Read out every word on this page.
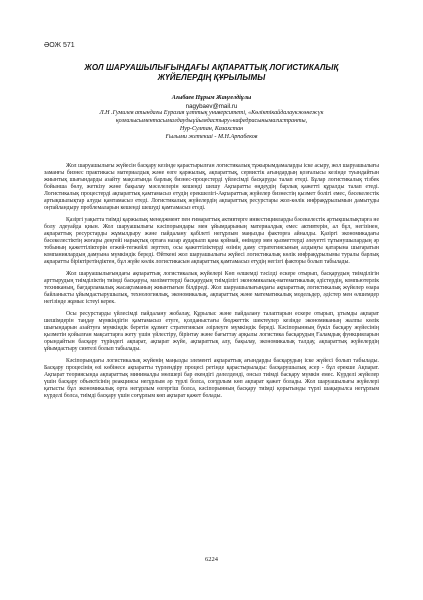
ӘОЖ 571
ЖОЛ ШАРУАШЫЛЫҒЫНДАҒЫ АҚПАРАТТЫҚ ЛОГИСТИКАЛЫҚ
ЖҮЙЕЛЕРДІҢ ҚҰРЫЛЫМЫ
Ағыбаев Нұрым Жаңгелдіұлы
nagybaev@mail.ru
Л.Н .Гумилев атындағы Еуразия ұлттық университеті, «Көліктікайдалаукжөнежүк
қозғалысыментасымалдаудыұйымдастыру»кафедрасынымагистранты,
Нур-Султан, Казахстан
Ғылыми жетекші - М.Н.Арпабеков

Жол шаруашылығы жүйесін басқару кезінде қарастырылған логистикалық тұжырымдамаларды іске асыру, жол шаруашылығы заманғы бизнес практикасы материалдық және өзге қаржылық, ақпараттық, сервистік ағындардың қозғалысы кезінде туындайтын жиынтық шығындарды азайту мақсатында барлық бизнес-процестерді үйлесімді басқаруды талап етеді. Бұлар логистикалық тізбек бойынша бөлу, жеткізу және бақылау мәселелерін кешенді шешу Ақпаратты өңдеудің барлық қажетті құралды талап етеді. Логистикалық процестерді ақпараттық қамтамасыз етудің ерекшелігі-Ақпараттық жүйелер бизнестің қызмет болігі емес, бәсекелестік артықшылықтар алуды қамтамасыз етеді. Логистикалық жүйелердің ақпараттық ресурстары жол-көлік инфрақұрылымын дамытуды оңтайландыру проблемаларын кешенді шешуді қамтамасыз етеді.

Қазіргі уақытта тиімді қаржылық менеджмент пен ғимараттық активтерге инвестицияларды бәсекелестік артықшылықтарға не болу лдеуайда қиын. Жол шаруашылығы кәсіпорындары мен ұйымдарының материалдық емес активтерін, ал бұл, негізінен, ақпараттық ресурстарды жұмылдыру және пайдалану қабілеті негұрлым маңызды факторға айналды. Қазіргі экономикадағы бәсекелестіктің жоғары деңгейі нарықтық ортаға назар аударылп қана қоймай, өнімдер мен қызметтерді әлеуетті тұтынушылардың әр тобының қажеттіліктерін егжей-тегжейлі зерттеп, осы қажеттіліктерді өзінің даму стратегиясының алдыңғы қатарына шығаратын компаниялардың дамуына мүмкіндік береді. Өйткені жол шаруашылығы жүйесі логистикалық көлік инфрақұрылымы туралы барлық ақпаратты біріктіретіндіктен, бұл жүйе көлік логистикасын ақпараттық қамтамасыз етудің негізгі факторы болып табылады.

Жол шаруашылығындағы ақпараттық логистикалық жүйелері Көп өлшемді тәсілді ескере отырып, басқарудың тиімділігін арттырудың тиімділіктің тиімді басқаруы, мәліметтерді басқарудың тиімділігі экономикалық-математикалық әдістердің, компьютерлік техниканың, бағдарламалық жасақтаманың жиынтығын білдіреді. Жол шаруашылығындағы ақпараттық логистикалық жүйелер өзара байланысты ұйымдастырушылық, технологиялық, экономикалық, ақпараттық және математикалық модельдер, әдістер мен өлшемдер негізінде жұмыс істеуі керек.

Осы ресурстарды үйлесімді пайдалану жобалау, Құрылыс және пайдалану талаптарын ескере отырып, ұтымды ақпарат шешімдерін таңдау мүмкіндігін қамтамасыз етуге, қолданыстағы бюджеттік шектеулер кезінде экономиканың жалпы көлік шығындарын азайтуға мүмкіндік беретін құзмет стратегиясын әзірлеуге мүмкіндік береді. Кәсіпорынның бүкіл басқару жүйесінің қызметін қойылған мақсаттарға жету үшін үйлестіру, бірінтау және бағыттау арқылы логистика басқарудың Ғаламдық функцияларын орындайтын басқару түріндегі ақпарат, ақпарат жүйе, ақпараттық алу, бақылау, экономикалық талдау, ақпараттық жүйелердің ұйымдастыру синтезі болып табылады.

Кәсіпорындағы логистикалық жүйенің маңызды элементі ақпараттық ағындарды басқарудың іске жүйесі болып табылады. Басқару процесінің өзі көбінесе ақпаратты түрлендіру процесі ретінде қарастырылады: басқарушылық әсер - бұл ерекше Ақпарат. Ақпарат теориясында ақпараттық минималды мөлшері бар екендігі дәлелденді, онсыз тиімді басқару мүмкін емес. Күрделі жүйелер үшін басқару объектісінің реакциясы негұрлым әр түрлі болса, соғұрлым көп ақпарат қажет болады. Жол шаруашылығы жүйелері қатысты бұл экономикалық орта негұрлым өзгергіш болса, кәсіпорынның басқару тиімді қорытынды түрлі шақырылса негұрлым күрделі болса, тиімді басқару үшін соғұрлым көп ақпарат қажет болады.

6224
